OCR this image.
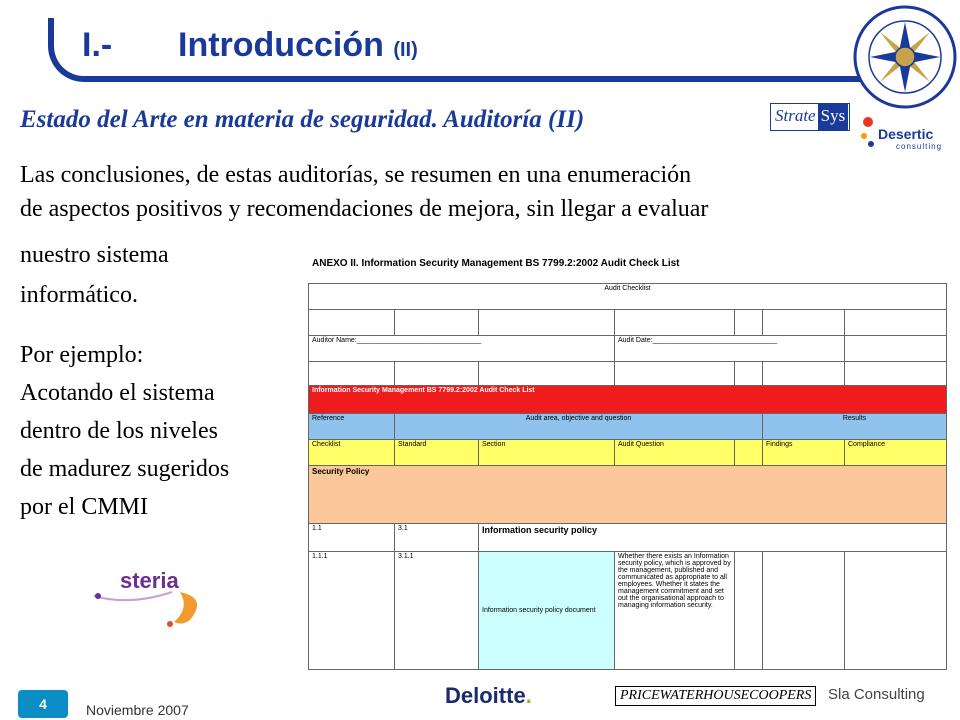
I.- Introducción (II)
Estado del Arte en materia de seguridad. Auditoría (II)	Strate Sys
Desertic
consulting
Las conclusiones, de estas auditorías, se resumen en una enumeración
de aspectos positivos y recomendaciones de mejora, sin llegar a evaluar
nuestro sistema
informático.
Por ejemplo:
Acotando el sistema
dentro de los niveles
de madurez sugeridos
por el CMMI
ANEXO II. Information Security Management BS 7799.2:2002 Audit Check List
Audit Checklist						

Auditor Name:________________________________			Audit Date:________________________________			

Information Security Management BS 7799.2:2002 Audit Check List						
Reference	Audit area, objective and question				Results	
Checklist	Standard	Section	Audit Question		Findings	Compliance
Security Policy						
1.1	3.1	Information security policy				
1.1.1	3.1.1	Information security policy document	Whether there exists an Information security policy, which is approved by the management, published and communicated as appropriate to all employees. Whether it states the management commitment and set out the organisational approach to managing information security.			
steria
4	Noviembre 2007
Deloitte.	PRICEWATERHOUSECOOPERS	Sla Consulting
